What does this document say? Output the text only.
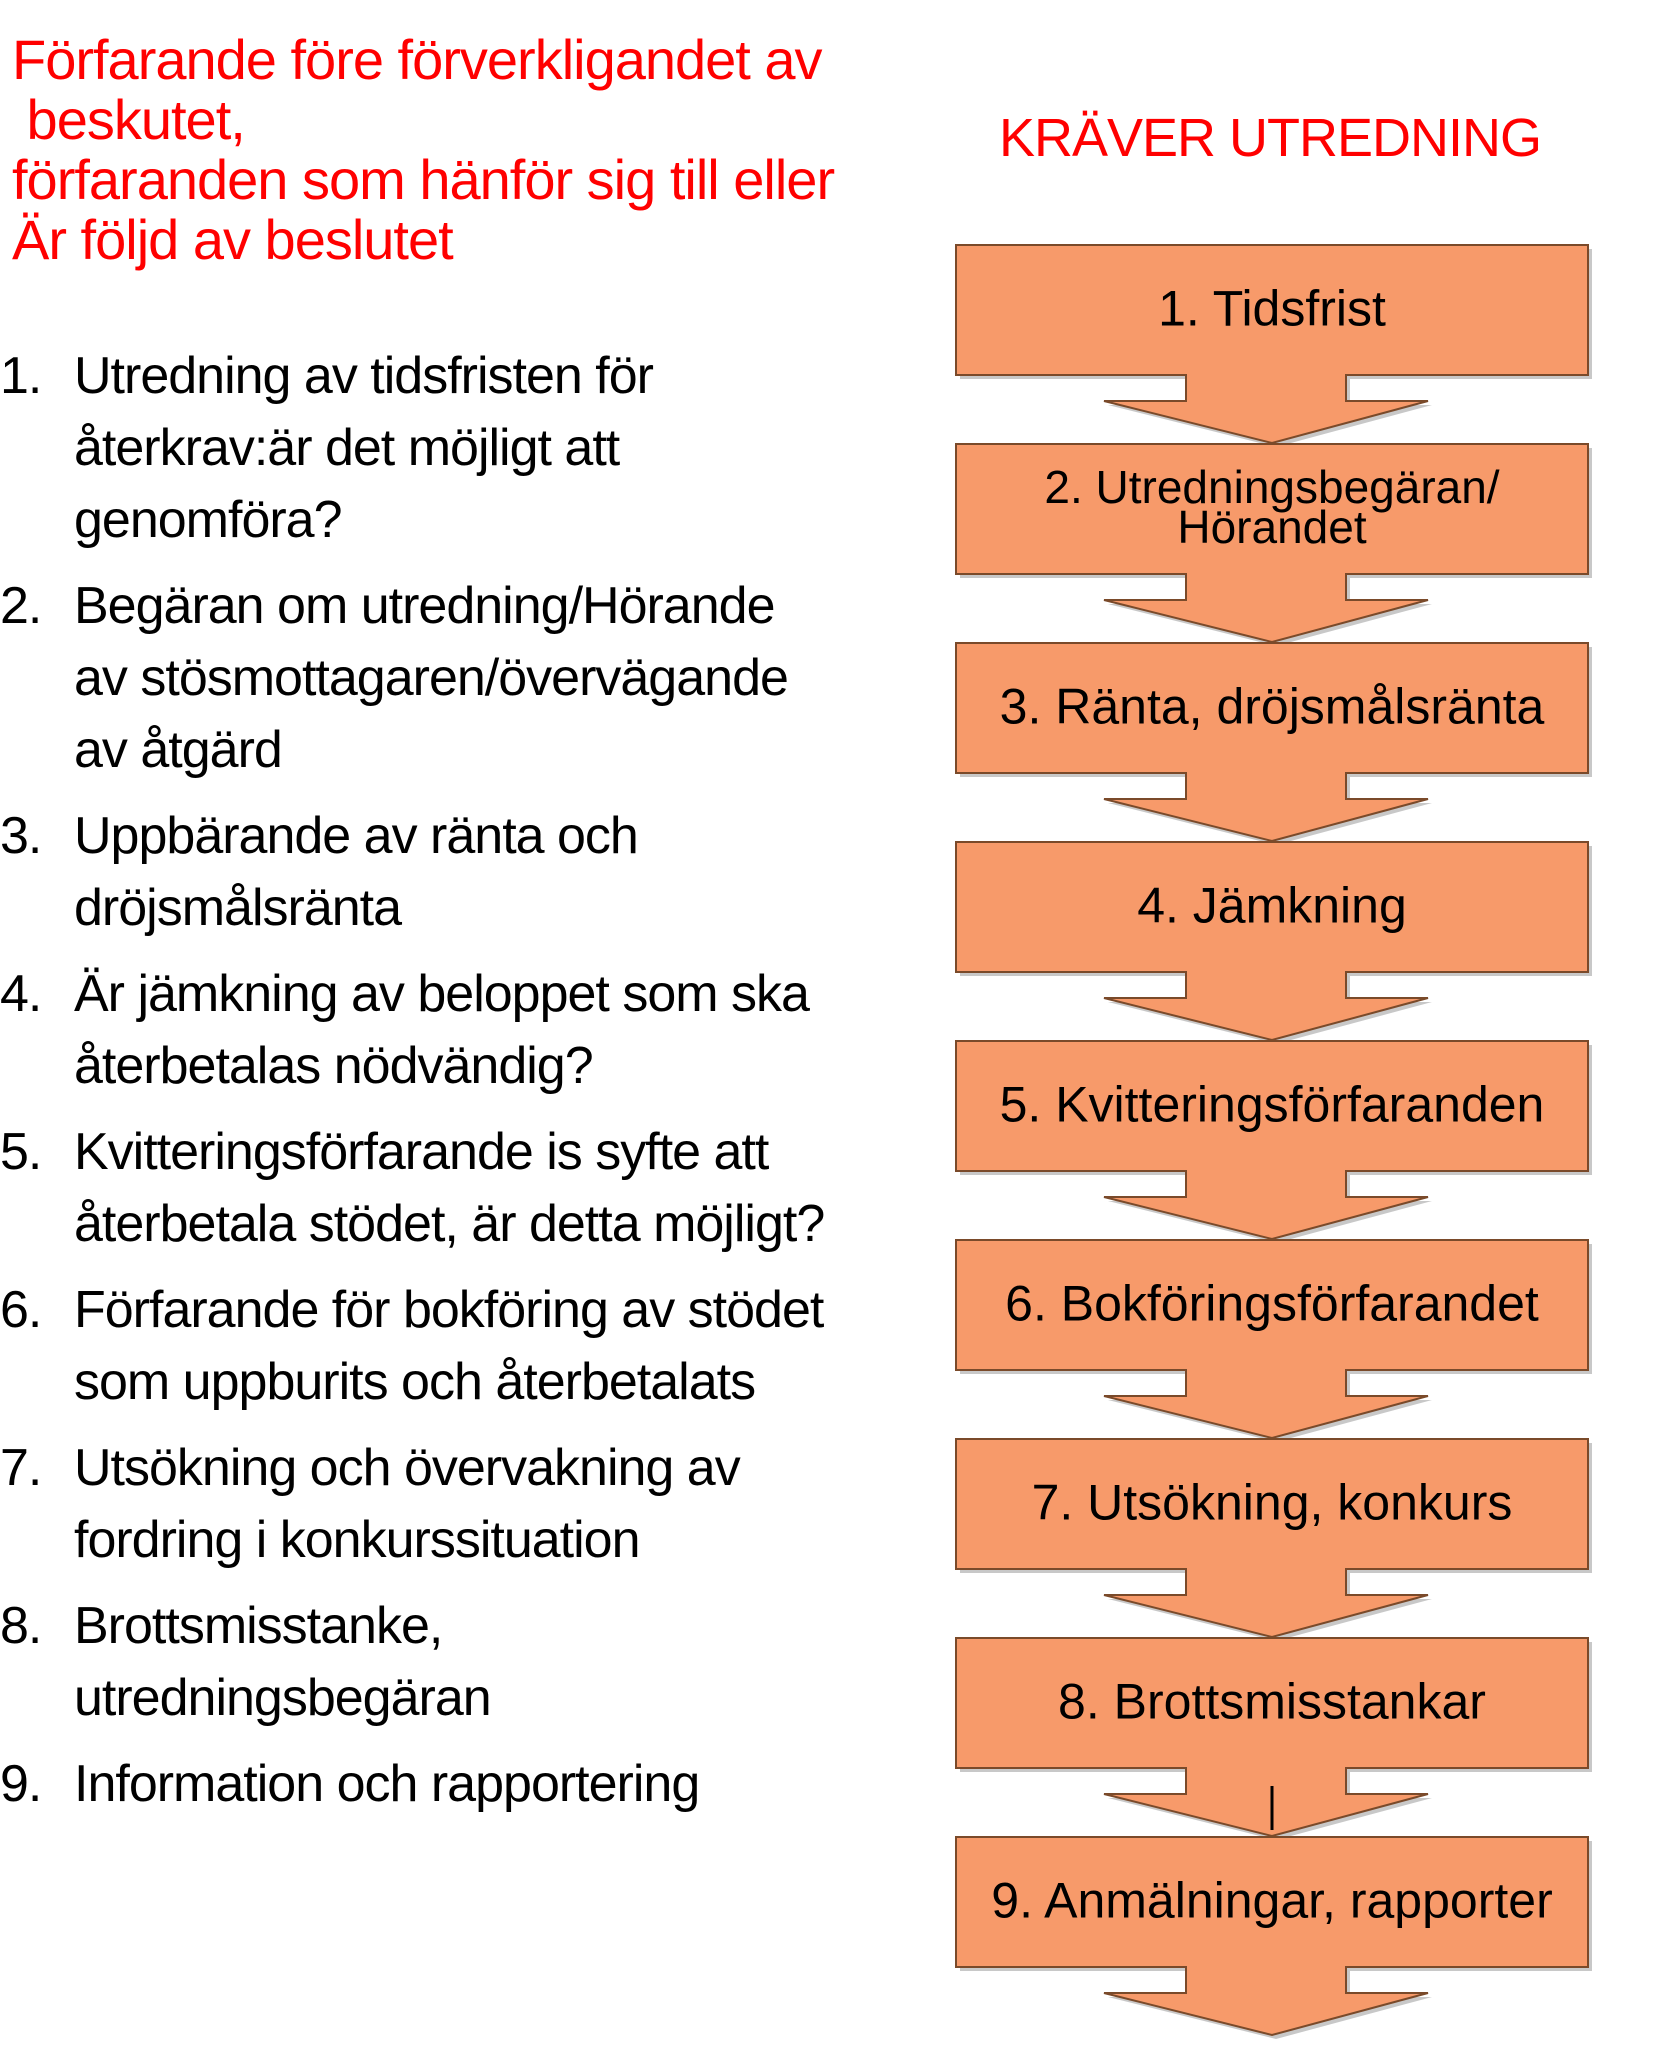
Förfarande före förverkligandet av
beskutet,
förfaranden som hänför sig till eller
Är följd av beslutet
1. Utredning av tidsfristen för
återkrav:är det möjligt att
genomföra?
2. Begäran om utredning/Hörande
av stösmottagaren/övervägande
av åtgärd
3. Uppbärande av ränta och
dröjsmålsränta
4. Är jämkning av beloppet som ska
återbetalas nödvändig?
5. Kvitteringsförfarande is syfte att
återbetala stödet, är detta möjligt?
6. Förfarande för bokföring av stödet
som uppburits och återbetalats
7. Utsökning och övervakning av
fordring i konkurssituation
8. Brottsmisstanke,
utredningsbegäran
9. Information och rapportering
KRÄVER UTREDNING
1. Tidsfrist
2. Utredningsbegäran/
Hörandet
3. Ränta, dröjsmålsränta
4. Jämkning
5. Kvitteringsförfaranden
6. Bokföringsförfarandet
7. Utsökning, konkurs
8. Brottsmisstankar
9. Anmälningar, rapporter
